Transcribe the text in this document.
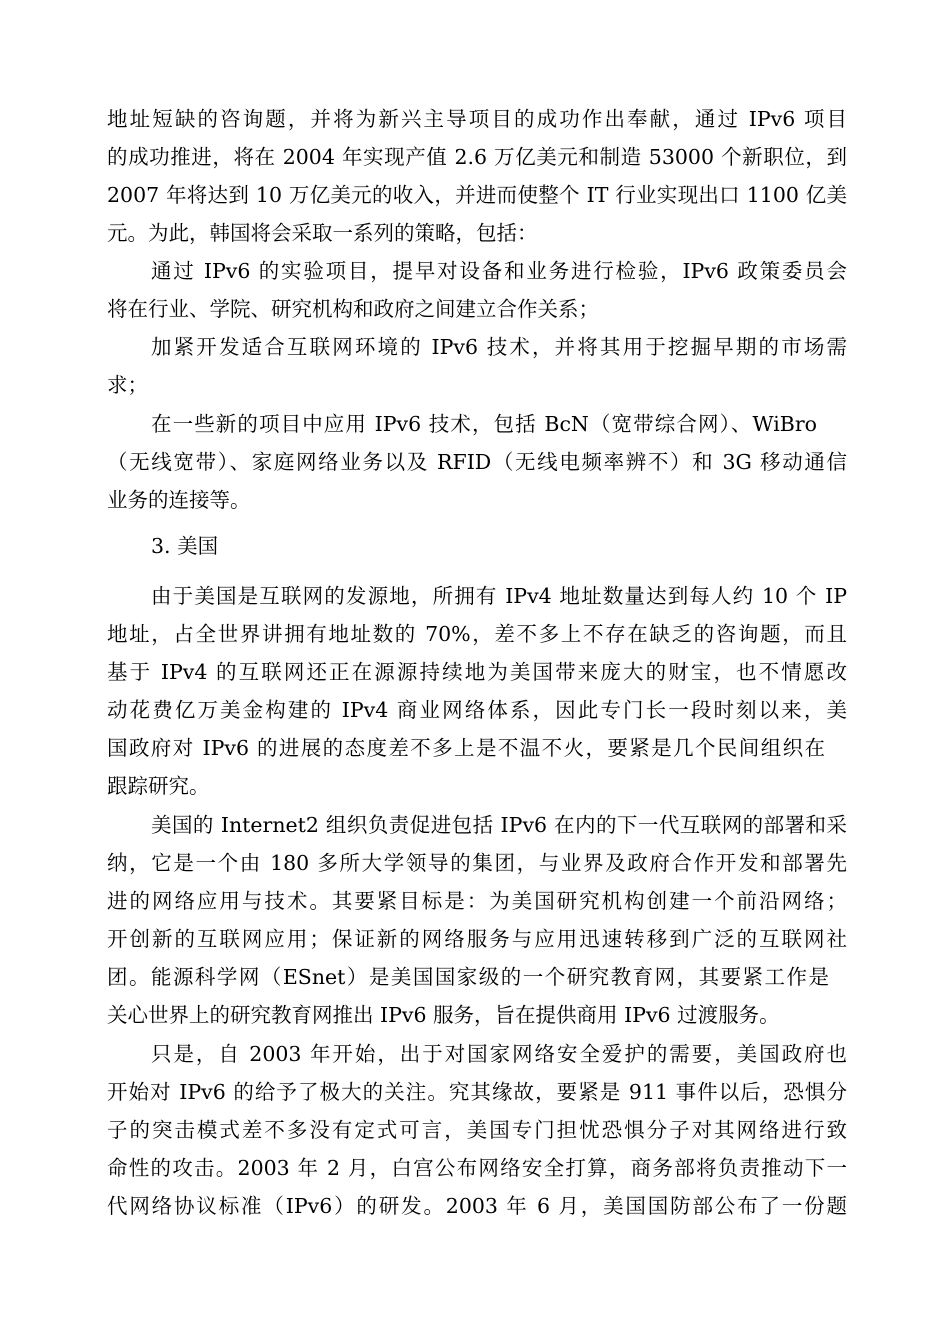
地址短缺的咨询题，并将为新兴主导项目的成功作出奉献，通过 IPv6 项目
的成功推进，将在 2004 年实现产值 2.6 万亿美元和制造 53000 个新职位，到
2007 年将达到 10 万亿美元的收入，并进而使整个 IT 行业实现出口 1100 亿美
元。为此，韩国将会采取一系列的策略，包括：
通过 IPv6 的实验项目，提早对设备和业务进行检验，IPv6 政策委员会
将在行业、学院、研究机构和政府之间建立合作关系；
加紧开发适合互联网环境的 IPv6 技术，并将其用于挖掘早期的市场需
求；
在一些新的项目中应用 IPv6 技术，包括 BcN（宽带综合网）、WiBro
（无线宽带）、家庭网络业务以及 RFID（无线电频率辨不）和 3G 移动通信
业务的连接等。
3. 美国
由于美国是互联网的发源地，所拥有 IPv4 地址数量达到每人约 10 个 IP
地址，占全世界讲拥有地址数的 70%，差不多上不存在缺乏的咨询题，而且
基于 IPv4 的互联网还正在源源持续地为美国带来庞大的财宝，也不情愿改
动花费亿万美金构建的 IPv4 商业网络体系，因此专门长一段时刻以来，美
国政府对 IPv6 的进展的态度差不多上是不温不火，要紧是几个民间组织在
跟踪研究。
美国的 Internet2 组织负责促进包括 IPv6 在内的下一代互联网的部署和采
纳，它是一个由 180 多所大学领导的集团，与业界及政府合作开发和部署先
进的网络应用与技术。其要紧目标是：为美国研究机构创建一个前沿网络；
开创新的互联网应用；保证新的网络服务与应用迅速转移到广泛的互联网社
团。能源科学网（ESnet）是美国国家级的一个研究教育网，其要紧工作是
关心世界上的研究教育网推出 IPv6 服务，旨在提供商用 IPv6 过渡服务。
只是，自 2003 年开始，出于对国家网络安全爱护的需要，美国政府也
开始对 IPv6 的给予了极大的关注。究其缘故，要紧是 911 事件以后，恐惧分
子的突击模式差不多没有定式可言，美国专门担忧恐惧分子对其网络进行致
命性的攻击。2003 年 2 月，白宫公布网络安全打算，商务部将负责推动下一
代网络协议标准（IPv6）的研发。2003 年 6 月，美国国防部公布了一份题
